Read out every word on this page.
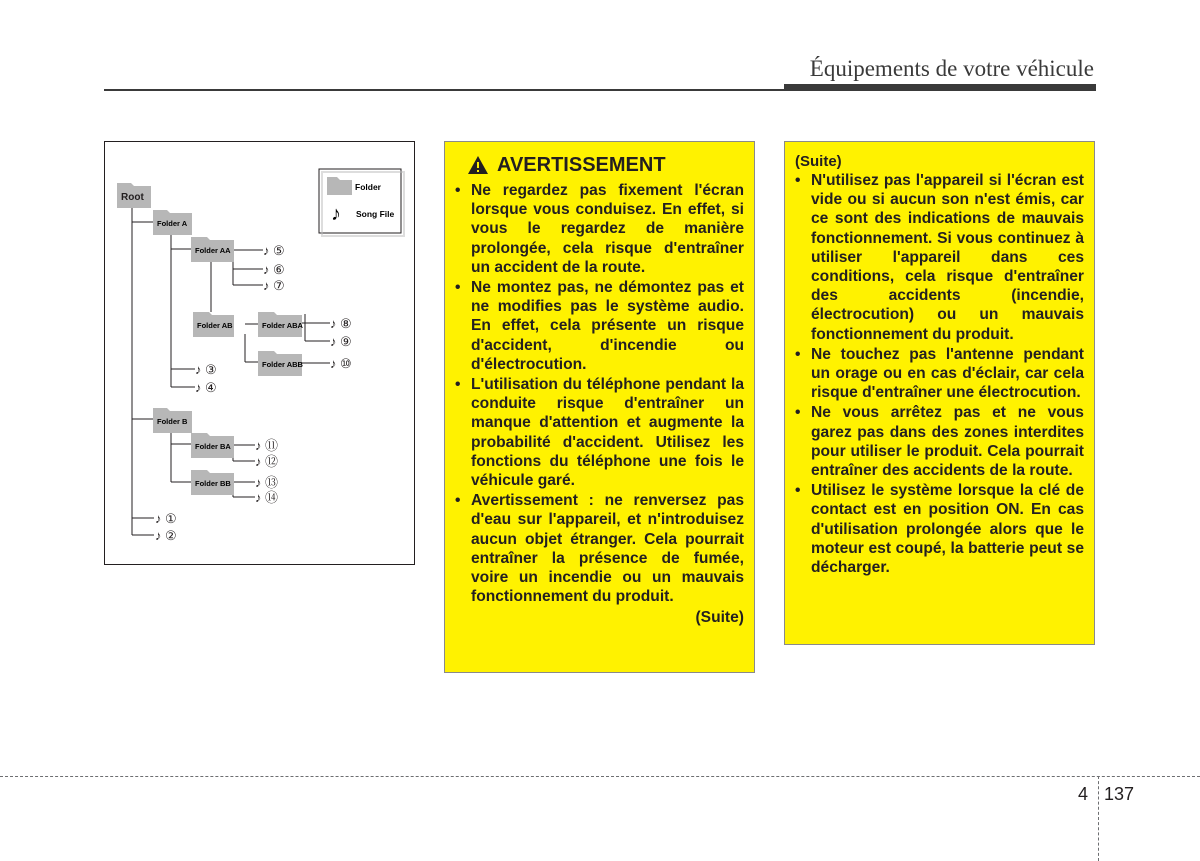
Équipements de votre véhicule
Folder
♪ Song File
Root
Folder A
Folder AA
Folder AB	Folder ABA
Folder ABB
Folder B
Folder BA
Folder BB
♪ ⑤
♪ ⑥
♪ ⑦
♪ ⑧
♪ ⑨
♪ ⑩
♪ ③
♪ ④
♪ ⑪
♪ ⑫
♪ ⑬
♪ ⑭
♪ ①
♪ ②
AVERTISSEMENT
• Ne regardez pas fixement l'écran lorsque vous conduisez. En effet, si vous le regardez de manière prolongée, cela risque d'entraîner un accident de la route.
• Ne montez pas, ne démontez pas et ne modifies pas le système audio. En effet, cela présente un risque d'accident, d'incendie ou d'électrocution.
• L'utilisation du téléphone pendant la conduite risque d'entraîner un manque d'attention et augmente la probabilité d'accident. Utilisez les fonctions du téléphone une fois le véhicule garé.
• Avertissement : ne renversez pas d'eau sur l'appareil, et n'introduisez aucun objet étranger. Cela pourrait entraîner la présence de fumée, voire un incendie ou un mauvais fonctionnement du produit.
(Suite)
(Suite)
• N'utilisez pas l'appareil si l'écran est vide ou si aucun son n'est émis, car ce sont des indications de mauvais fonctionnement. Si vous continuez à utiliser l'appareil dans ces conditions, cela risque d'entraîner des accidents (incendie, électrocution) ou un mauvais fonctionnement du produit.
• Ne touchez pas l'antenne pendant un orage ou en cas d'éclair, car cela risque d'entraîner une électrocution.
• Ne vous arrêtez pas et ne vous garez pas dans des zones interdites pour utiliser le produit. Cela pourrait entraîner des accidents de la route.
• Utilisez le système lorsque la clé de contact est en position ON. En cas d'utilisation prolongée alors que le moteur est coupé, la batterie peut se décharger.
4 137
